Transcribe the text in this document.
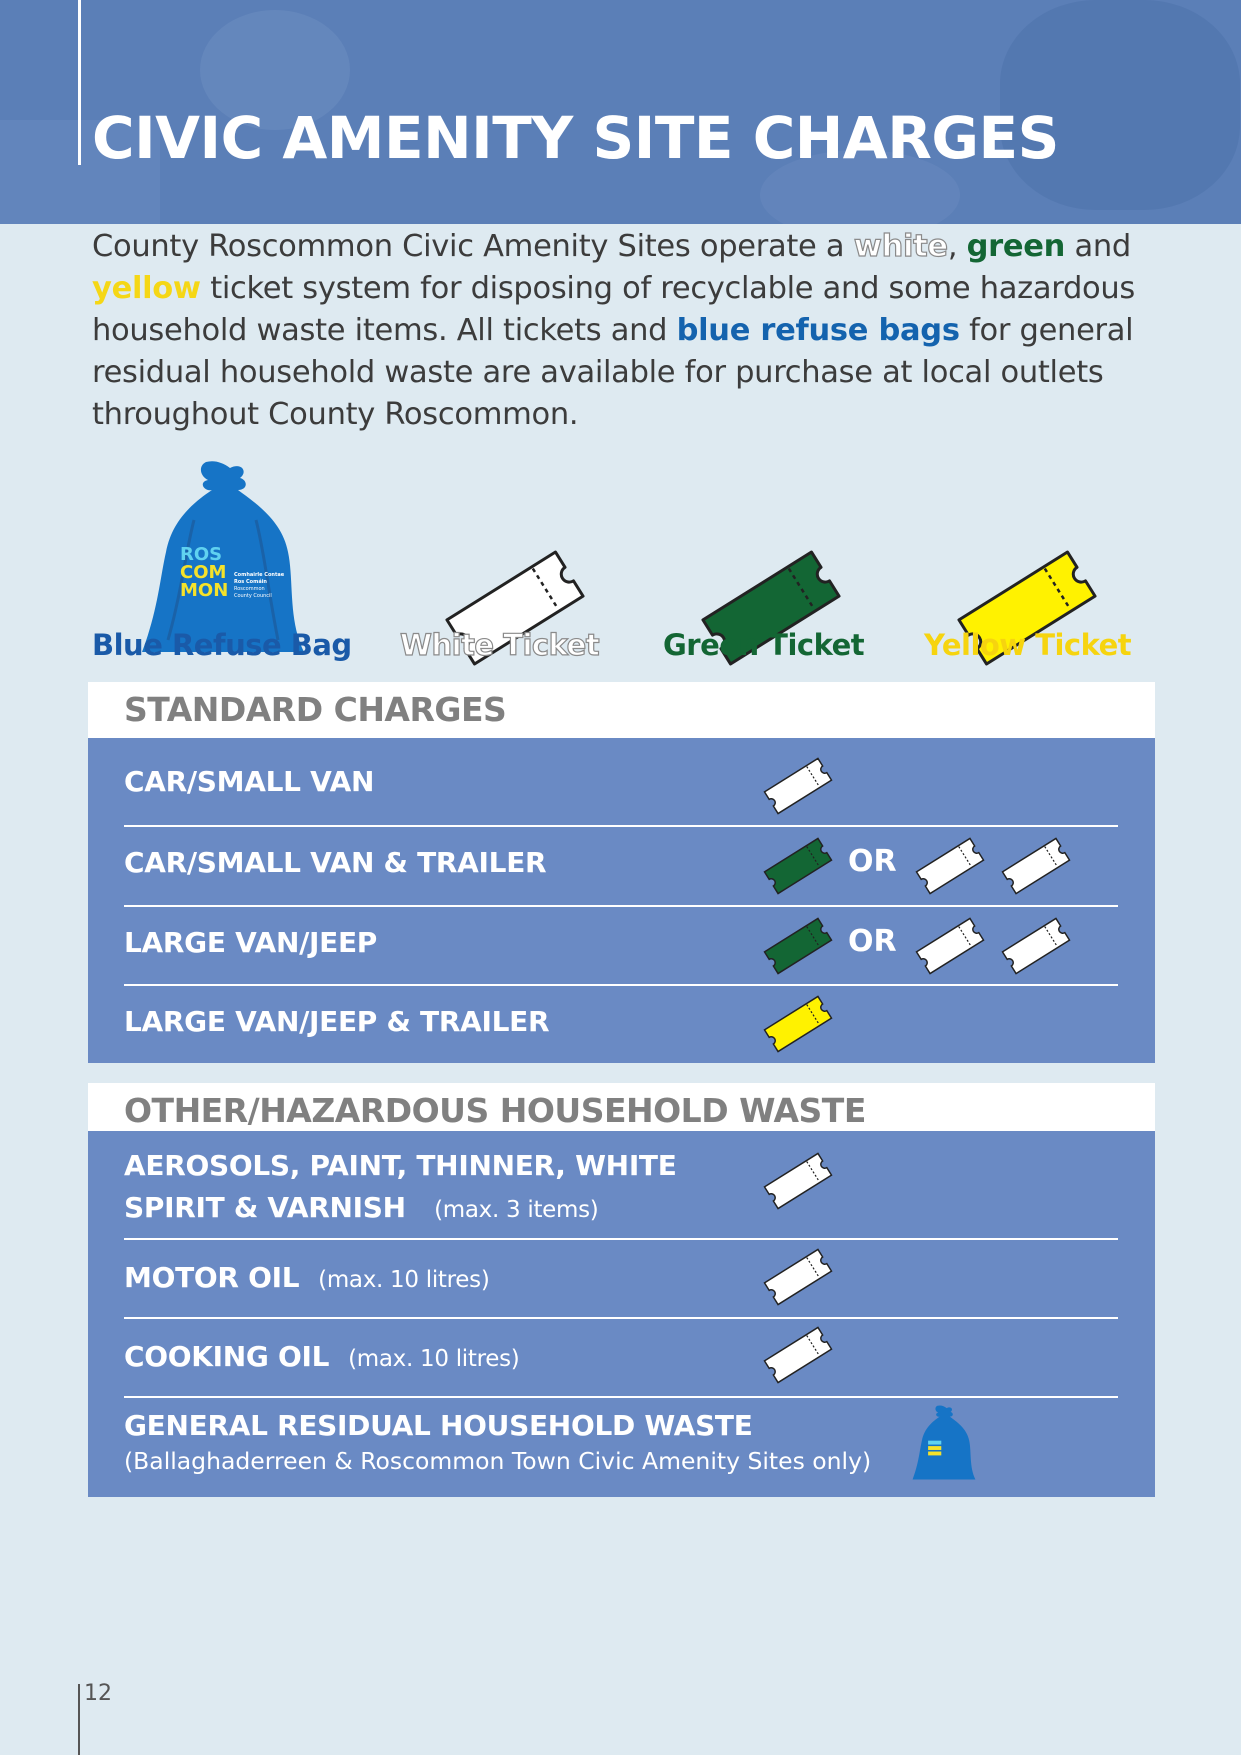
CIVIC AMENITY SITE CHARGES

County Roscommon Civic Amenity Sites operate a white, green and yellow ticket system for disposing of recyclable and some hazardous household waste items. All tickets and blue refuse bags for general residual household waste are available for purchase at local outlets throughout County Roscommon.

ROS
COM
MON
Comhairle Contae
Ros Comáin
Roscommon
County Council
Blue Refuse Bag White Ticket Green Ticket Yellow Ticket
STANDARD CHARGES
CAR/SMALL VAN
CAR/SMALL VAN & TRAILER
LARGE VAN/JEEP
LARGE VAN/JEEP & TRAILER
OR
OR
OTHER/HAZARDOUS HOUSEHOLD WASTE
AEROSOLS, PAINT, THINNER, WHITE
SPIRIT & VARNISH (max. 3 items)
MOTOR OIL (max. 10 litres)
COOKING OIL (max. 10 litres)
GENERAL RESIDUAL HOUSEHOLD WASTE
(Ballaghaderreen & Roscommon Town Civic Amenity Sites only)
12
